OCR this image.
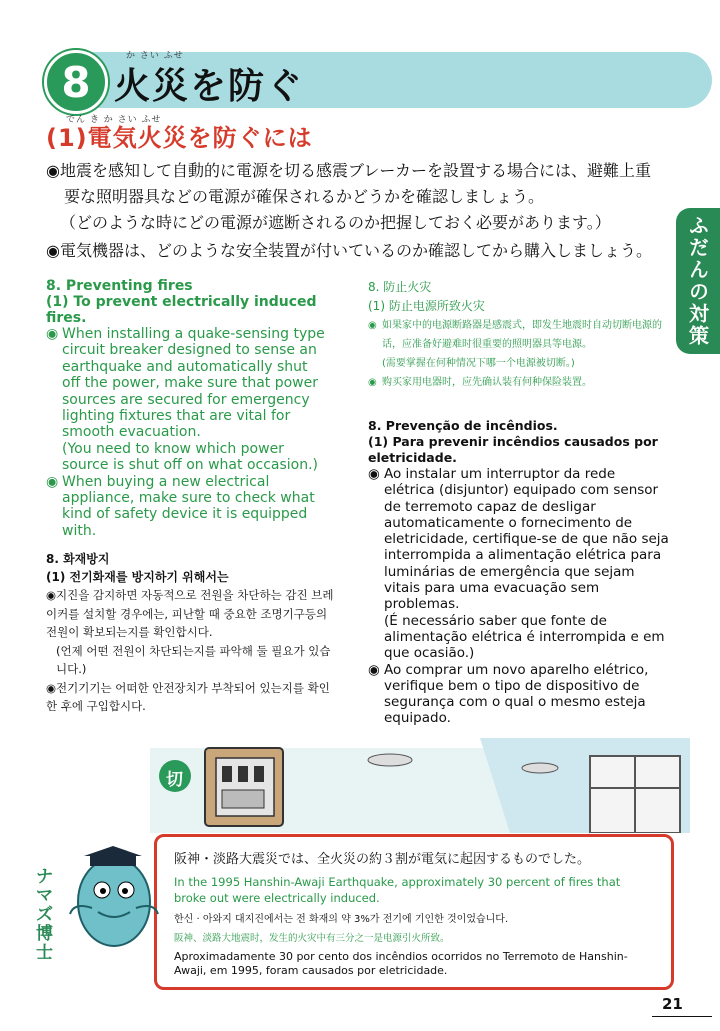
8
か さい ふせ
火災を防ぐ
でん き か さい ふせ
(1)電気火災を防ぐには
◉地震を感知して自動的に電源を切る感震ブレーカーを設置する場合には、避難上重
要な照明器具などの電源が確保されるかどうかを確認しましょう。
（どのような時にどの電源が遮断されるのか把握しておく必要があります。）
◉電気機器は、どのような安全装置が付いているのか確認してから購入しましょう。	ふだんの対策
8. Preventing fires
(1) To prevent electrically induced fires.
◉ When installing a quake-sensing type circuit breaker designed to sense an earthquake and automatically shut off the power, make sure that power sources are secured for emergency lighting fixtures that are vital for smooth evacuation.
(You need to know which power source is shut off on what occasion.)
◉ When buying a new electrical appliance, make sure to check what kind of safety device it is equipped with.
8. 화재방지
(1) 전기화재를 방지하기 위해서는
◉지진을 감지하면 자동적으로 전원을 차단하는 감진 브레이커를 설치할 경우에는, 피난할 때 중요한 조명기구등의 전원이 확보되는지를 확인합시다.
(언제 어떤 전원이 차단되는지를 파악해 둘 필요가 있습니다.)
◉전기기기는 어떠한 안전장치가 부착되어 있는지를 확인한 후에 구입합시다.
8. 防止火灾
(1) 防止电源所致火灾
◉ 如果家中的电源断路器是感震式，即发生地震时自动切断电源的话，应准备好避难时很重要的照明器具等电源。
(需要掌握在何种情况下哪一个电源被切断。)
◉ 购买家用电器时，应先确认装有何种保险装置。
8. Prevenção de incêndios.
(1) Para prevenir incêndios causados por eletricidade.
◉ Ao instalar um interruptor da rede elétrica (disjuntor) equipado com sensor de terremoto capaz de desligar automaticamente o fornecimento de eletricidade, certifique-se de que não seja interrompida a alimentação elétrica para luminárias de emergência que sejam vitais para uma evacuação sem problemas.
(É necessário saber que fonte de alimentação elétrica é interrompida e em que ocasião.)
◉ Ao comprar um novo aparelho elétrico, verifique bem o tipo de dispositivo de segurança com o qual o mesmo esteja equipado.
切
阪神・淡路大震災では、全火災の約３割が電気に起因するものでした。
In the 1995 Hanshin-Awaji Earthquake, approximately 30 percent of fires that broke out were electrically induced.
한신 · 아와지 대지진에서는 전 화재의 약 3%가 전기에 기인한 것이었습니다.
阪神、淡路大地震时，发生的火灾中有三分之一是电源引火所致。
Aproximadamente 30 por cento dos incêndios ocorridos no Terremoto de Hanshin-Awaji, em 1995, foram causados por eletricidade.
ナマズ博士
21
